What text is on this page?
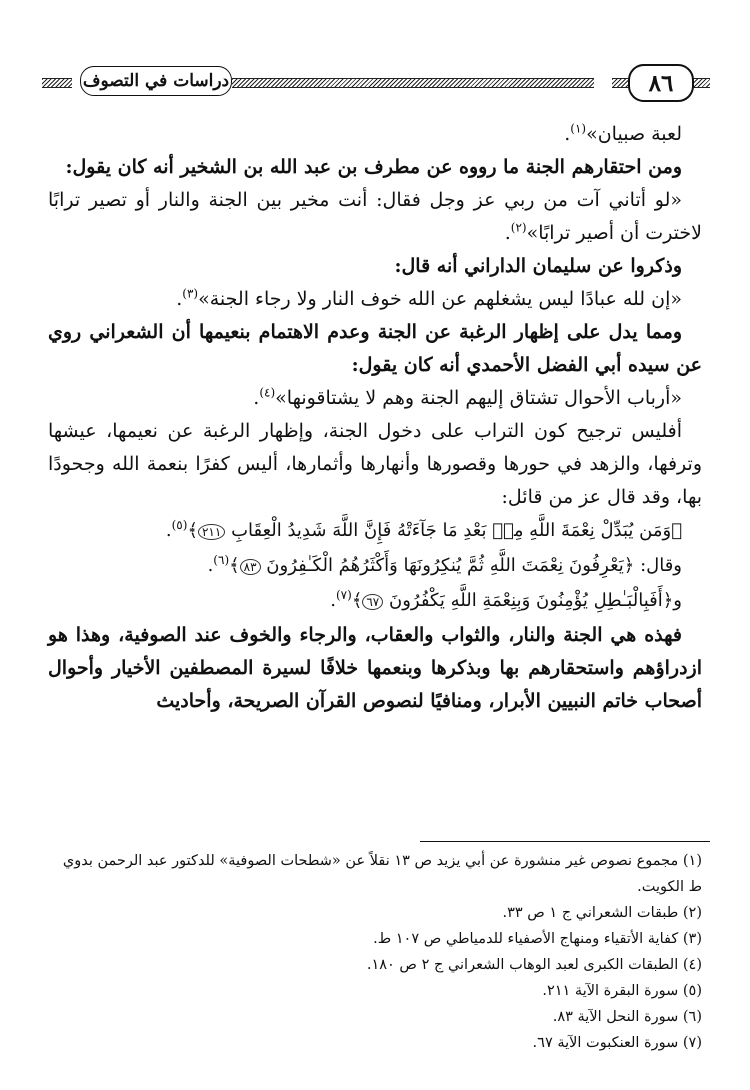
٨٦
دراسات في التصوف

لعبة صبيان»$^{(١)}$.

ومن احتقارهم الجنة ما رووه عن مطرف بن عبد الله بن الشخير أنه كان يقول:

«لو أتاني آت من ربي عز وجل فقال: أنت مخير بين الجنة والنار أو تصير ترابًا لاخترت أن أصير ترابًا»$^{(٢)}$.

وذكروا عن سليمان الداراني أنه قال:

«إن لله عبادًا ليس يشغلهم عن الله خوف النار ولا رجاء الجنة»$^{(٣)}$.

ومما يدل على إظهار الرغبة عن الجنة وعدم الاهتمام بنعيمها أن الشعراني روي عن سيده أبي الفضل الأحمدي أنه كان يقول:

«أرباب الأحوال تشتاق إليهم الجنة وهم لا يشتاقونها»$^{(٤)}$.

أفليس ترجيح كون التراب على دخول الجنة، وإظهار الرغبة عن نعيمها، عيشها وترفها، والزهد في حورها وقصورها وأنهارها وأثمارها، أليس كفرًا بنعمة الله وجحودًا بها، وقد قال عز من قائل:

﴿وَمَن يُبَدِّلْ نِعْمَةَ اللَّهِ مِنۢ بَعْدِ مَا جَآءَتْهُ فَإِنَّ اللَّهَ شَدِيدُ الْعِقَابِ ٢١١﴾$^{(٥)}$.

وقال: ﴿يَعْرِفُونَ نِعْمَتَ اللَّهِ ثُمَّ يُنكِرُونَهَا وَأَكْثَرُهُمُ الْكَـٰفِرُونَ ٨٣﴾$^{(٦)}$.

و﴿أَفَبِالْبَـٰطِلِ يُؤْمِنُونَ وَبِنِعْمَةِ اللَّهِ يَكْفُرُونَ ٦٧﴾$^{(٧)}$.

فهذه هي الجنة والنار، والثواب والعقاب، والرجاء والخوف عند الصوفية، وهذا هو ازدراؤهم واستحقارهم بها وبذكرها وبنعمها خلافًا لسيرة المصطفين الأخيار وأحوال أصحاب خاتم النبيين الأبرار، ومنافيًا لنصوص القرآن الصريحة، وأحاديث

(١) مجموع نصوص غير منشورة عن أبي يزيد ص ١٣ نقلاً عن «شطحات الصوفية» للدكتور عبد الرحمن بدوي ط الكويت.

(٢) طبقات الشعراني ج ١ ص ٣٣.

(٣) كفاية الأتقياء ومنهاج الأصفياء للدمياطي ص ١٠٧ ط.

(٤) الطبقات الكبرى لعبد الوهاب الشعراني ج ٢ ص ١٨٠.

(٥) سورة البقرة الآية ٢١١.

(٦) سورة النحل الآية ٨٣.

(٧) سورة العنكبوت الآية ٦٧.
